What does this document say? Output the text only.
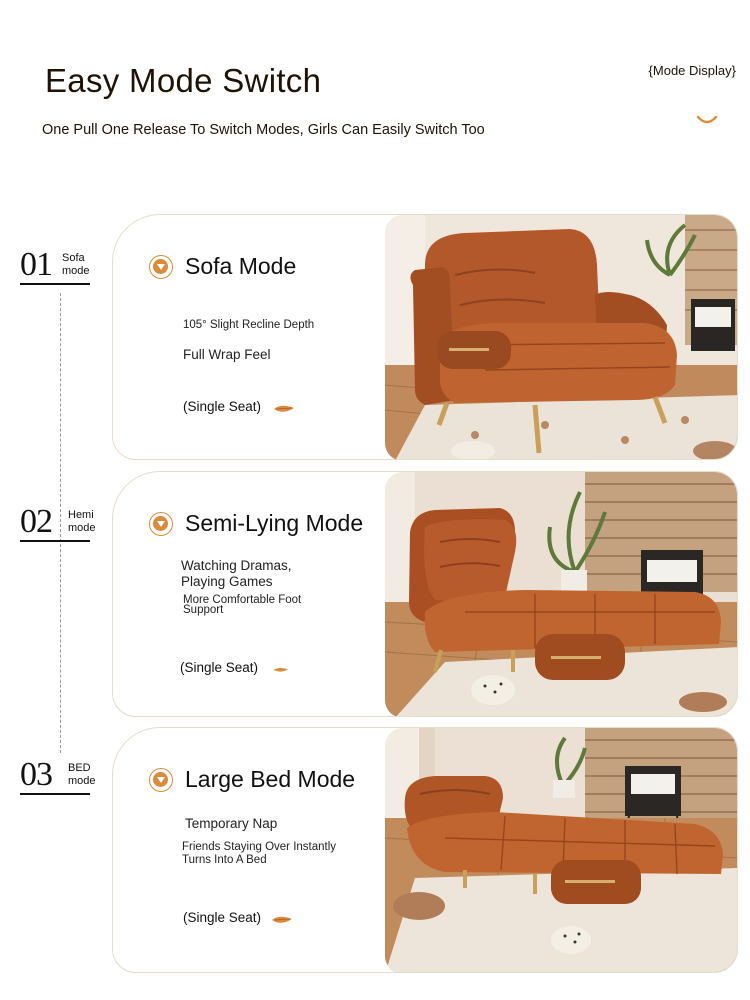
Easy Mode Switch
One Pull One Release To Switch Modes, Girls Can Easily Switch Too
{Mode Display}
01 Sofa
mode	Sofa Mode
105° Slight Recline Depth
Full Wrap Feel
(Single Seat)
02 Hemi
mode	Semi-Lying Mode
Watching Dramas,
Playing Games
More Comfortable Foot
Support
(Single Seat)
03 BED
mode	Large Bed Mode
Temporary Nap
Friends Staying Over Instantly
Turns Into A Bed
(Single Seat)
